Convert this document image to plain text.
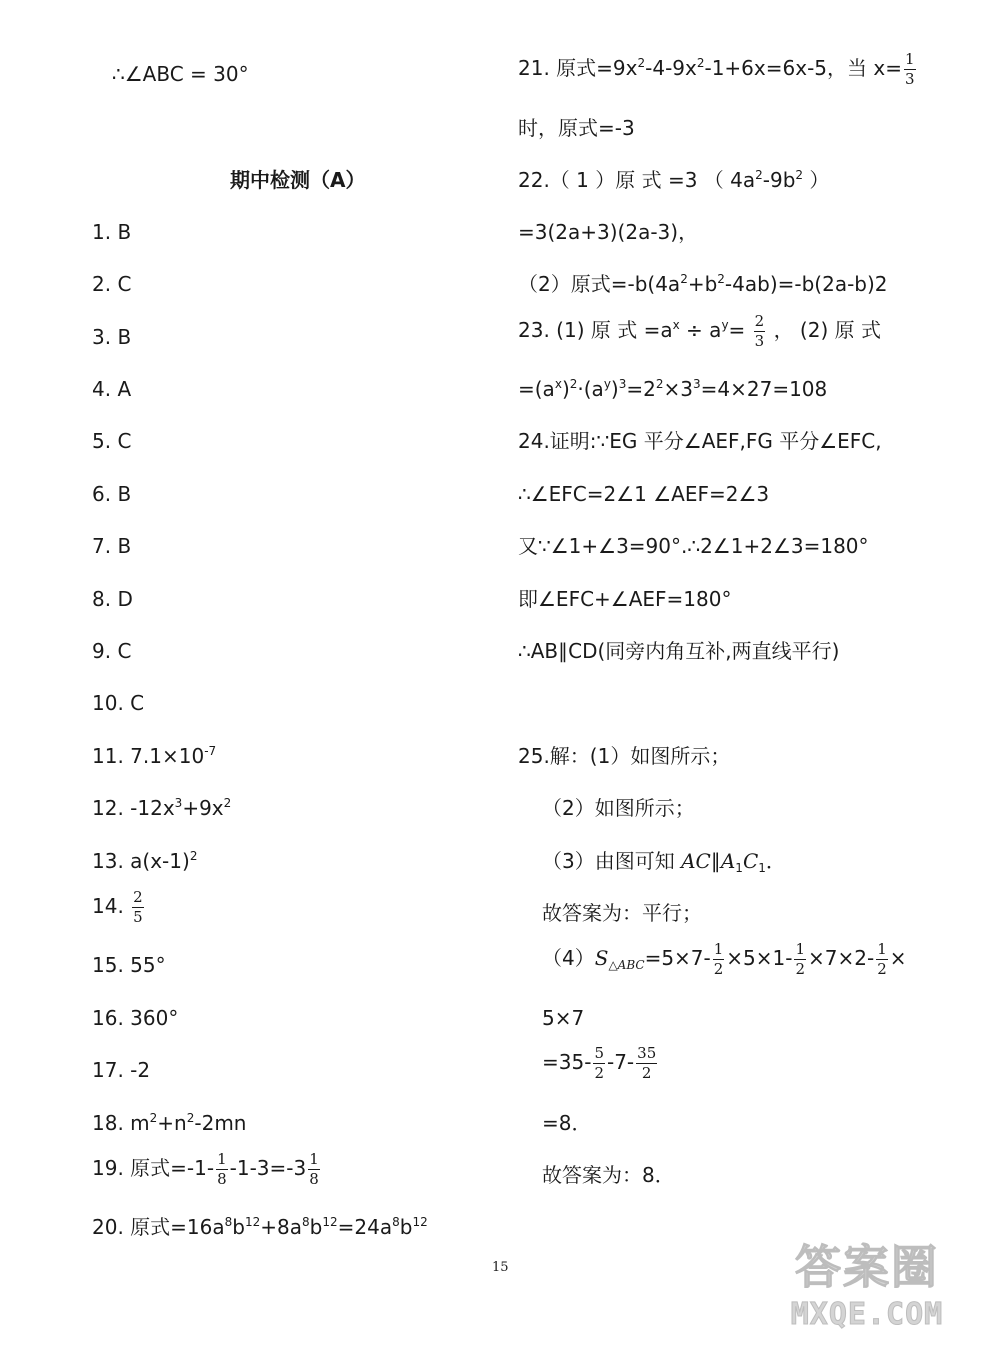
∴∠ABC = 30°
期中检测（A）
1. B
2. C
3. B
4. A
5. C
6. B
7. B
8. D
9. C
10. C
11. $7.1\times 10^{-7}$
12. $-12x^3+9x^2$
13. $a(x-1)^2$
14. $\frac{2}{5}$
15. 55°
16. 360°
17. -2
18. $m^2+n^2-2mn$
19. 原式$=-1- \frac{1}{8} -1-3=-3 \frac{1}{8}$
20. 原式$=16a^8b^{12}+8a^8b^{12}=24a^8b^{12}$
21. 原式$=9x^2-4-9x^2-1+6x=6x-5$，当 $x= \frac{1}{3}$
时，原式=-3
22.（ 1 ）原 式 =3 （ $4a^2-9b^2$ ）
=3(2a+3)(2a-3)，
（2）原式$=-b(4a^2+b^2-4ab)=-b(2a-b)2$
23. (1) 原 式 $=a^x \div a^y= \frac{2}{3}$ ， (2) 原 式
$=(a^x)^2\cdot(a^y)^3=2^2\times 3^3=4\times 27=108$
24.证明:∵EG 平分∠AEF,FG 平分∠EFC,
∴∠EFC=2∠1 ∠AEF=2∠3
又∵∠1+∠3=90°.∴2∠1+2∠3=180°
即∠EFC+∠AEF=180°
∴AB∥CD(同旁内角互补,两直线平行)
25.解：(1）如图所示；
（2）如图所示；
（3）由图可知 $AC\parallel A_1C_1$．
故答案为：平行；
$(4)S_{\triangle ABC}=5\times 7- \frac{1}{2} \times 5\times 1- \frac{1}{2} \times 7\times 2- \frac{1}{2}$ ×
5×7
$=35- \frac{5}{2} -7- \frac{35}{2}$
=8．
故答案为：8．
15	答案圈
MXQE.COM
